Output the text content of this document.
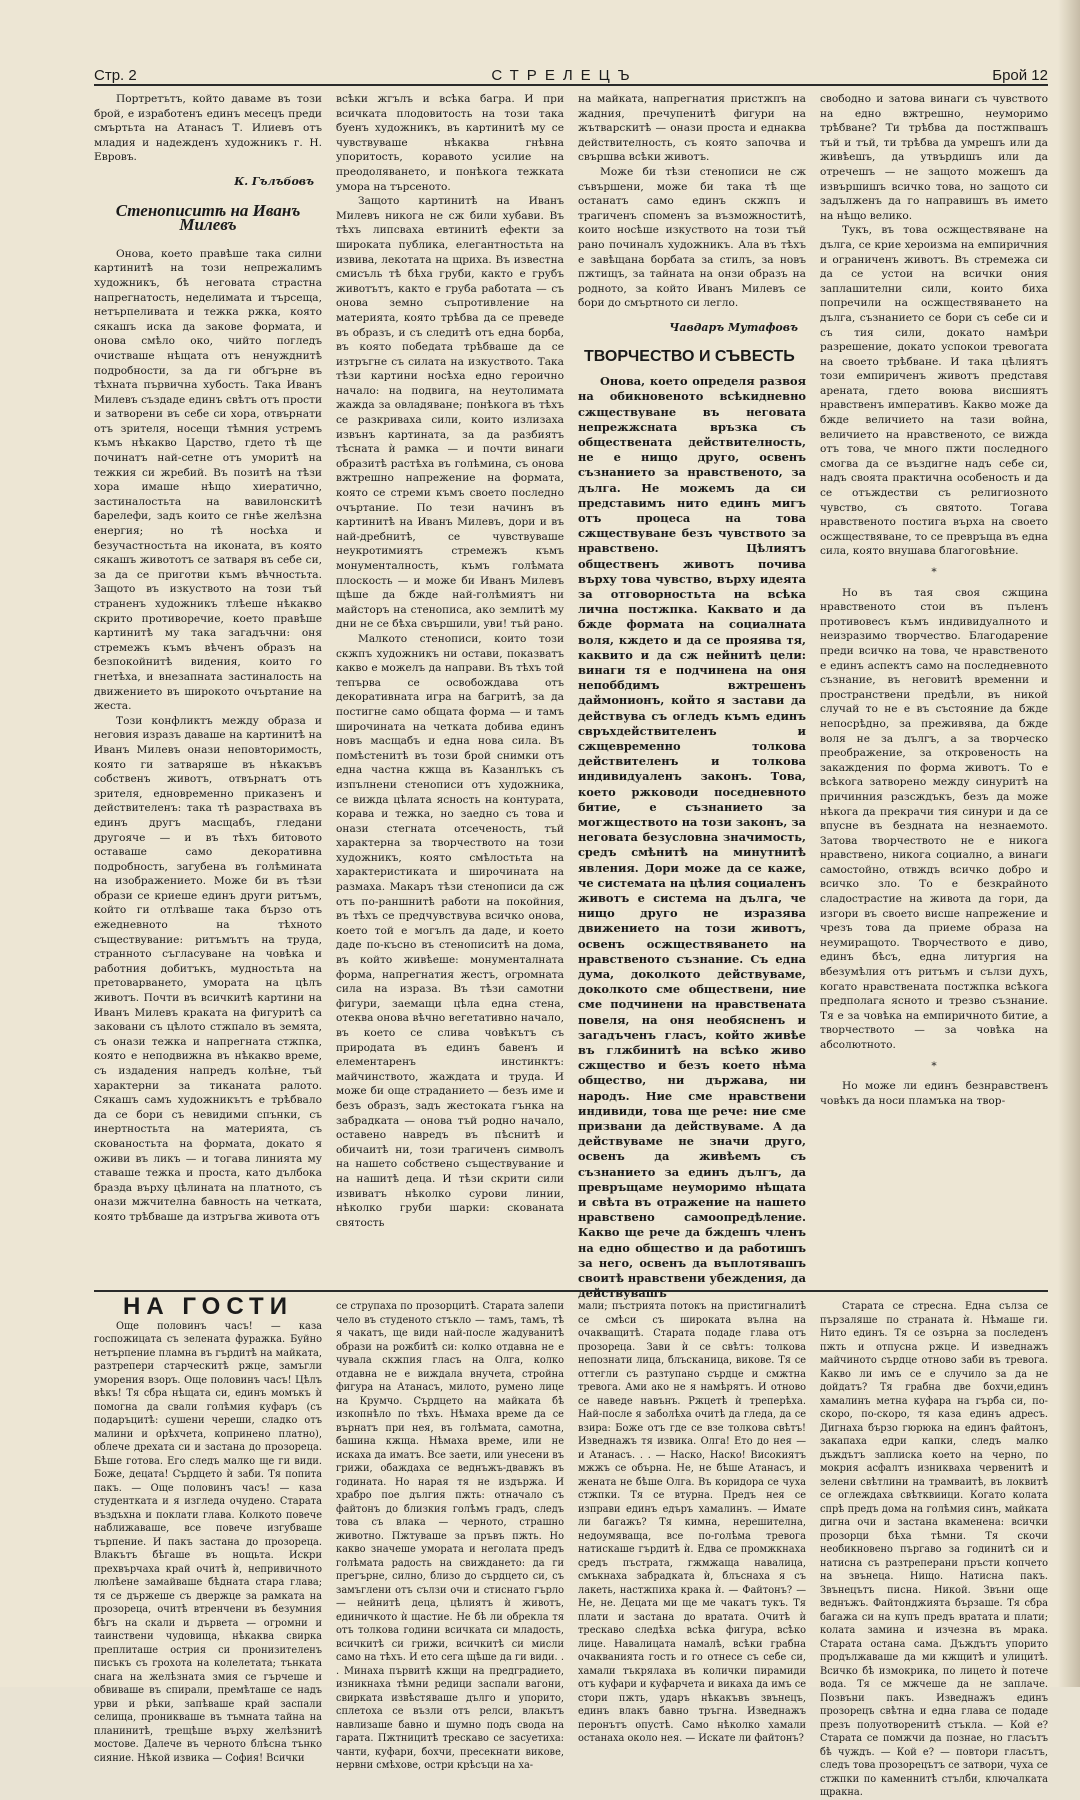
Стр. 2	СТРЕЛЕЦЪ	Брой 12

Портретътъ, който даваме въ този брой, е изработенъ единъ месецъ преди смъртьта на Атанасъ Т. Илиевъ отъ младия и надежденъ художникъ г. Н. Евровъ.

К. Гълъбовъ
Стенописитѣ на Иванъ Милевъ

Онова, което правѣше така силни картинитѣ на този непрежалимъ художникъ, бѣ неговата страстна напрегнатость, неделимата и търсеща, нетърпеливата и тежка ржка, която сякашъ иска да закове формата, и онова смѣло око, чийто погледъ очистваше нѣщата отъ ненужднитѣ подробности, за да ги обгърне въ тѣхната първична хубость. Така Иванъ Милевъ създаде единъ свѣтъ отъ прости и затворени въ себе си хора, отвърнати отъ зрителя, носещи тѣмния устремъ къмъ нѣкакво Царство, гдето тѣ ще починатъ най-сетне отъ уморитѣ на тежкия си жребий. Въ позитѣ на тѣзи хора имаше нѣщо хиератично, застиналостьта на вавилонскитѣ барелефи, задъ които се гнѣе желѣзна енергия; но тѣ носѣха и безучастностьта на иконата, въ която сякашъ живототъ се затваря въ себе си, за да се приготви къмъ вѣчностьта. Защото въ изкуството на този тъй страненъ художникъ тлѣеше нѣкакво скрито противоречие, което правѣше картинитѣ му така загадъчни: оня стремежъ къмъ вѣченъ образъ на безпокойнитѣ видения, които го гнетѣха, и внезапната застиналость на движението въ широкото очъртание на жеста.

Този конфликтъ между образа и неговия изразъ даваше на картинитѣ на Иванъ Милевъ онази неповторимость, която ги затваряше въ нѣкакъвъ собственъ животъ, отвърнатъ отъ зрителя, едновременно приказенъ и действителенъ: така тѣ разрастваха въ единъ другъ масщабъ, гледани другояче — и въ тѣхъ битовото оставаше само декоративна подробность, загубена въ голѣмината на изображението. Може би въ тѣзи образи се криеше единъ други ритъмъ, който ги отлѣваше така бързо отъ ежедневното на тѣхното съществувание: ритъмътъ на труда, странното съгласуване на човѣка и работния добитъкъ, мудностьта на претоварването, умората на цѣлъ животъ. Почти въ всичкитѣ картини на Иванъ Милевъ краката на фигуритѣ са заковани съ цѣлото стжпало въ земята, съ онази тежка и напрегната стжпка, която е неподвижна въ нѣкакво време, съ издадения напредъ колѣне, тъй характерни за тиканата ралото. Сякашъ самъ художникътъ е трѣбвало да се бори съ невидими спънки, съ инертностьта на материята, съ скованостьта на формата, докато я оживи въ ликъ — и тогава линията му ставаше тежка и проста, като дълбока бразда върху цѣлината на платното, съ онази мжчителна бавность на четката, която трѣбваше да изтръгва живота отъ

всѣки жгълъ и всѣка багра. И при всичката плодовитость на този така буенъ художникъ, въ картинитѣ му се чувствуваше нѣкаква гнѣвна упоритость, коравото усилие на преодоляването, и понѣкога тежката умора на търсеното.

Защото картинитѣ на Иванъ Милевъ никога не сж били хубави. Въ тѣхъ липсваха евтинитѣ ефекти за широката публика, елегантностьта на извива, лекотата на щриха. Въ известна смисъль тѣ бѣха груби, както е грубъ животътъ, както е груба работата — съ онова земно съпротивление на материята, която трѣбва да се преведе въ образъ, и съ следитѣ отъ една борба, въ която победата трѣбваше да се изтръгне съ силата на изкуството. Така тѣзи картини носѣха едно героично начало: на подвига, на неутолимата жажда за овладяване; понѣкога въ тѣхъ се разкриваха сили, които излизаха извънъ картината, за да разбиятъ тѣсната ѝ рамка — и почти винаги образитѣ растѣха въ голѣмина, съ онова вжтрешно напрежение на формата, която се стреми къмъ своето последно очъртание. По тези начинъ въ картинитѣ на Иванъ Милевъ, дори и въ най-дребнитѣ, се чувствуваше неукротимиятъ стремежъ къмъ монументалность, къмъ голѣмата плоскость — и може би Иванъ Милевъ щѣше да бжде най-голѣмиятъ ни майсторъ на стенописа, ако землитѣ му дни не се бѣха свършили, уви! тъй рано.

Малкото стенописи, които този скжпъ художникъ ни остави, показватъ какво е можелъ да направи. Въ тѣхъ той тепърва се освобождава отъ декоративната игра на багритѣ, за да постигне само общата форма — и тамъ широчината на четката добива единъ новъ масщабъ и една нова сила. Въ помѣстенитѣ въ този брой снимки отъ една частна кжща въ Казанлъкъ съ изпълнени стенописи отъ художника, се вижда цѣлата ясность на контурата, корава и тежка, но заедно съ това и онази стегната отсеченость, тъй характерна за творчеството на този художникъ, която смѣлостьта на характеристиката и широчината на размаха. Макаръ тѣзи стенописи да сж отъ по-раншнитѣ работи на покойния, въ тѣхъ се предчувствува всичко онова, което той е могълъ да даде, и което даде по-късно въ стенописитѣ на дома, въ който живѣеше: монументалната форма, напрегнатия жестъ, огромната сила на израза. Въ тѣзи самотни фигури, заемащи цѣла една стена, отеква онова вѣчно вегетативно начало, въ което се слива човѣкътъ съ природата въ единъ бавенъ и елементаренъ инстинктъ: майчинството, жаждата и труда. И може би още страданието — безъ име и безъ образъ, задъ жестоката гънка на забрадката — онова тъй родно начало, оставено навредъ въ пѣснитѣ и обичаитѣ ни, този трагиченъ символъ на нашето собствено съществувание и на нашитѣ деца. И тѣзи скрити сили извиватъ нѣколко сурови линии, нѣколко груби шарки: скованата святость

на майката, напрегнатия пристжпъ на жадния, пречупенитѣ фигури на жътварскитѣ — онази проста и еднаква действителность, съ която започва и свършва всѣки животъ.

Може би тѣзи стенописи не сж съвършени, може би така тѣ ще останатъ само единъ скжпъ и трагиченъ споменъ за възможноститѣ, които носѣше изкуството на този тъй рано починалъ художникъ. Ала въ тѣхъ е завѣщана борбата за стилъ, за новъ пжтищъ, за тайната на онзи образъ на родното, за който Иванъ Милевъ се бори до смъртното си легло.

Чавдаръ Мутафовъ
ТВОРЧЕСТВО И СЪВЕСТЬ

Онова, което определя развоя на обикновеното всѣкидневно сжществуване въ неговата непрежжсната връзка съ обществената действителность, не е нищо друго, освенъ съзнанието за нравственото, за дълга. Не можемъ да си представимъ нито единъ мигъ отъ процеса на това сжществуване безъ чувството за нравствено. Цѣлиятъ общественъ животъ почива върху това чувство, върху идеята за отговорностьта на всѣка лична постжпка. Каквато и да бжде формата на социалната воля, кждето и да се прояява тя, каквито и да сж нейнитѣ цели: винаги тя е подчинена на оня непоббдимъ вжтрешенъ даймонионъ, който я застави да действува съ огледъ къмъ единъ свръхдействителенъ и сжщевременно толкова действителенъ и толкова индивидуаленъ законъ. Това, което ржководи поседневното битие, е съзнанието за могжществото на този законъ, за неговата безусловна значимость, средъ смѣнитѣ на минутнитѣ явления. Дори може да се каже, че системата на цѣлия социаленъ животъ е система на дълга, че нищо друго не изразява движението на този животъ, освенъ осжществяването на нравственото съзнание. Съ една дума, доколкото действуваме, доколкото сме обществени, ние сме подчинени на нравствената повеля, на оня необясненъ и загадъченъ гласъ, който живѣе въ глжбинитѣ на всѣко живо сжщество и безъ което нѣма общество, ни държава, ни народъ. Ние сме нравствени индивиди, това ще рече: ние сме призвани да действуваме. А да действуваме не значи друго, освенъ да живѣемъ съ съзнанието за единъ дългъ, да превръщаме неуморимо нѣщата и свѣта въ отражение на нашето нравствено самоопредѣление. Какво ще рече да бждешъ членъ на едно общество и да работишъ за него, освенъ да въплотявашъ своитѣ нравствени убеждения, да действувашъ

свободно и затова винаги съ чувството на едно вжтрешно, неуморимо трѣбване? Ти трѣбва да постжпвашъ тъй и тъй, ти трѣбва да умрешъ или да живѣешъ, да утвърдишъ или да отречешъ — не защото можешъ да извършишъ всичко това, но защото си задълженъ да го направишъ въ името на нѣщо велико.

Тукъ, въ това осжществяване на дълга, се крие хероизма на емпиричния и ограниченъ животъ. Въ стремежа си да се устои на всички ония заплашителни сили, които биха попречили на осжществяването на дълга, съзнанието се бори съ себе си и съ тия сили, докато намѣри разрешение, докато успокои тревогата на своето трѣбване. И така цѣлиятъ този емпириченъ животъ представя арената, гдето воюва висшиятъ нравственъ императивъ. Какво може да бжде величието на тази война, величието на нравственото, се вижда отъ това, че много пжти последного смогва да се въздигне надъ себе си, надъ своята практична особеность и да се отъждестви съ религиозното чувство, съ святото. Тогава нравственото постига върха на своето осжществяване, то се превръща въ една сила, която внушава благоговѣние.

*

Но въ тая своя сжщина нравственото стои въ пъленъ противовесъ къмъ индивидуалното и неизразимо творчество. Благодарение преди всичко на това, че нравственото е единъ аспектъ само на последневното съзнание, въ неговитѣ временни и пространствени предѣли, въ никой случай то не е въ състояние да бжде непосрѣдно, за преживява, да бжде воля не за дългъ, а за творческо преображение, за откровеность на закаждения по форма животъ. То е всѣкога затворено между синуритѣ на причинния разсждъкъ, безъ да може нѣкога да прекрачи тия синури и да се впусне въ бездната на незнаемото. Затова творчеството не е никога нравствено, никога социално, а винаги самостойно, отвждъ всичко добро и всичко зло. То е безкрайното сладострастие на живота да гори, да изгори въ своето висше напрежение и чрезъ това да приеме образа на неумиращото. Творчеството е диво, единъ бѣсъ, една литургия на вбезумѣлия отъ ритъмъ и сълзи духъ, когато нравствената постжпка всѣкога предполага ясното и трезво съзнание. Тя е за човѣка на емпиричното битие, а творчеството — за човѣка на абсолютното.

*

Но може ли единъ безнравственъ човѣкъ да носи пламъка на твор-

НА ГОСТИ

Още половинъ часъ! — каза госпожицата съ зелената фуражка. Буйно нетърпение пламна въ гърдитѣ на майката, разтрепери старческитѣ ржце, замъгли уморения взоръ. Още половинъ часъ! Цѣлъ вѣкъ! Тя сбра нѣщата си, единъ момъкъ ѝ помогна да свали голѣмия куфаръ (съ подаръцитѣ: сушени череши, сладко отъ малини и орѣхчета, коприненo платно), облече дрехата си и застана до прозореца. Бѣше готова. Его следъ малко ще ги види. Боже, децата! Сърдцето ѝ заби. Тя попита пакъ. — Още половинъ часъ! — каза студентката и я изгледа очудено. Старата въздъхна и поклати глава. Колкото повече наближаваше, все повече изгубваше търпение. И пакъ застана до прозореца. Влакътъ бѣгаше въ нощьта. Искри прехвърчаха край очитѣ ѝ, непривичното люлѣене замайваше бѣдната стара глава; тя се държеше съ двержце за рамката на прозореца, очитѣ втренчени въ безумния бѣгъ на скали и дървета — огромни и таинствени чудовища, нѣкаква свирка преплиташе острия си пронизителенъ писъкъ съ грохота на колелетата; тънката снага на желѣзната змия се гърчеше и обвиваше въ спирали, премѣташе се надъ урви и рѣки, запѣваше край заспали селища, проникваше въ тъмната тайна на планинитѣ, трещѣше върху желѣзнитѣ мостове. Далече въ черното блѣсна тънко сияние. Нѣкой извика — София! Всички

се струпаха по прозорцитѣ. Старата залепи чело въ студеното стъкло — тамъ, тамъ, тѣ я чакатъ, ще види най-после жадуванитѣ образи на рожбитѣ си: колко отдавна не е чувала скжпия гласъ на Олга, колко отдавна не е виждала внучета, стройна фигура на Атанасъ, милото, румено лице на Крумчо. Сърдцето на майката бѣ изкопнѣло по тѣхъ. Нѣмаха време да се върнатъ при нея, въ голѣмата, самотна, башина кжща. Нѣмаха време, или не искаха да иматъ. Все заети, или унесени въ грижи, обаждаха се веднъжъ-двавжъ въ годината. Но нарая тя не издържа. И храбро пое дългия пжть: отначало съ файтонъ до близкия голѣмъ градъ, следъ това съ влака — черното, страшно животно. Пжтуваше за пръвъ пжть. Но какво значеше умората и неголата предъ голѣмата радость на свиждането: да ги прегърне, силно, близо до сърдцето си, съ замъглени отъ сълзи очи и стиснато гърло — нейнитѣ деца, цѣлиятъ ѝ животъ, единичкото ѝ щастие. Не бѣ ли обрекла тя отъ толкова години всичката си младость, всичкитѣ си грижи, всичкитѣ си мисли само на тѣхъ. И ето сега щѣше да ги види. . . Минаха първитѣ кжщи на предградието, изникнаха тѣмни редици заспали вагони, свирката извѣстяваше дълго и упорито, сплетоха се възли отъ релси, влакътъ навлизаше бавно и шумно подъ свода на гарата. Пжтницитѣ трескаво се засуетиха: чанти, куфари, бохчи, пресекнати викове, нервни смѣхове, остри крѣсъци на ха-

мали; пъстрията потокъ на пристигналитѣ се смѣси съ широката вълна на очакващитѣ. Старата подаде глава отъ прозореца. Зави ѝ се свѣтъ: толкова непознати лица, блъсканица, викове. Тя се оттегли съ разтупано сърдце и смжтна тревога. Ами ако не я намѣрятъ. И отново се наведе навънъ. Ржцетѣ ѝ треперѣха. Най-после я заболѣха очитѣ да гледа, да се взира: Боже отъ где се взе толкова свѣтъ! Изведнажъ тя извика. Олга! Ето до нея — и Атанасъ. . . — Наско, Наско! Високиятъ мжжъ се обърна. Не, не бѣше Атанасъ, и жената не бѣше Олга. Въ коридора се чуха стжпки. Тя се втурна. Предъ нея се изправи единъ едъръ хамалинъ. — Имате ли багажъ? Тя кимна, нерешителна, недоумяваща, все по-голѣма тревога натискаше гърдитѣ ѝ. Едва се промжкнаха средъ пъстрата, гжмжаща навалица, смъкнаха забрадката ѝ, блъснаха я съ лакеть, настжпиха крака ѝ. — Файтонъ? — Не, не. Децата ми ще ме чакатъ тукъ. Тя плати и застана до вратата. Очитѣ ѝ трескаво следѣха всѣка фигура, всѣко лице. Навалицата намалѣ, всѣки грабна очакванията гость и го отнесе съ себе си, хамали тъкрялаха въ колички пирамиди отъ куфари и куфарчета и викаха да имъ се стори пжть, ударъ нѣкакъвъ звънецъ, единъ влакъ бавно тръгна. Изведнажъ перонътъ опустѣ. Само нѣколко хамали останаха около нея. — Искате ли файтонъ?

Старата се стресна. Една сълза се пързаляше по странатa ѝ. Нѣмаше ги. Нито единъ. Тя се озърна за последенъ пжть и отпусна ржце. И изведнажъ майчиното сърдце отново заби въ тревога. Какво ли имъ се е случило за да не дойдатъ? Тя грабна две бохчи,единъ хамалинъ метна куфара на гърба си, по-скоро, по-скоро, тя каза единъ адресъ. Дигнаха бързо гюрюка на единъ файтонъ, закапаха едри капки, следъ малко дъждътъ заплиска което на черно, по мокрия асфалтъ изникваха червенитѣ и зелени свѣтлини на трамваитѣ, въ локвитѣ се оглеждаха свѣтквиици. Когато колата спрѣ предъ дома на голѣмия синъ, майката дигна очи и застана вкаменена: всички прозорци бѣха тѣмни. Тя скочи необикновено пъргаво за годинитѣ си и натисна съ разтреперани пръсти копчето на звънеца. Нищо. Натисна пакъ. Звънецътъ писна. Никой. Звъни още веднъжъ. Файтонджията бързаше. Тя сбра багажа си на купъ предъ вратата и плати; колата замина и изчезна въ мрака. Старата остана сама. Дъждътъ упорито продължаваше да ми кжщитѣ и улицитѣ. Всичко бѣ измокрика, по лицето ѝ потече вода. Тя се мжчеше да не заплаче. Позвъни пакъ. Изведнажъ единъ прозорецъ свѣтна и една глава се подаде презъ полуотворенитѣ стъкла. — Кой е? Старата се помжчи да познае, но гласътъ бѣ чуждъ. — Кой е? — повтори гласътъ, следъ това прозорецътъ се затвори, чуха се стжпки по каменнитѣ стълби, ключалката щракна.
